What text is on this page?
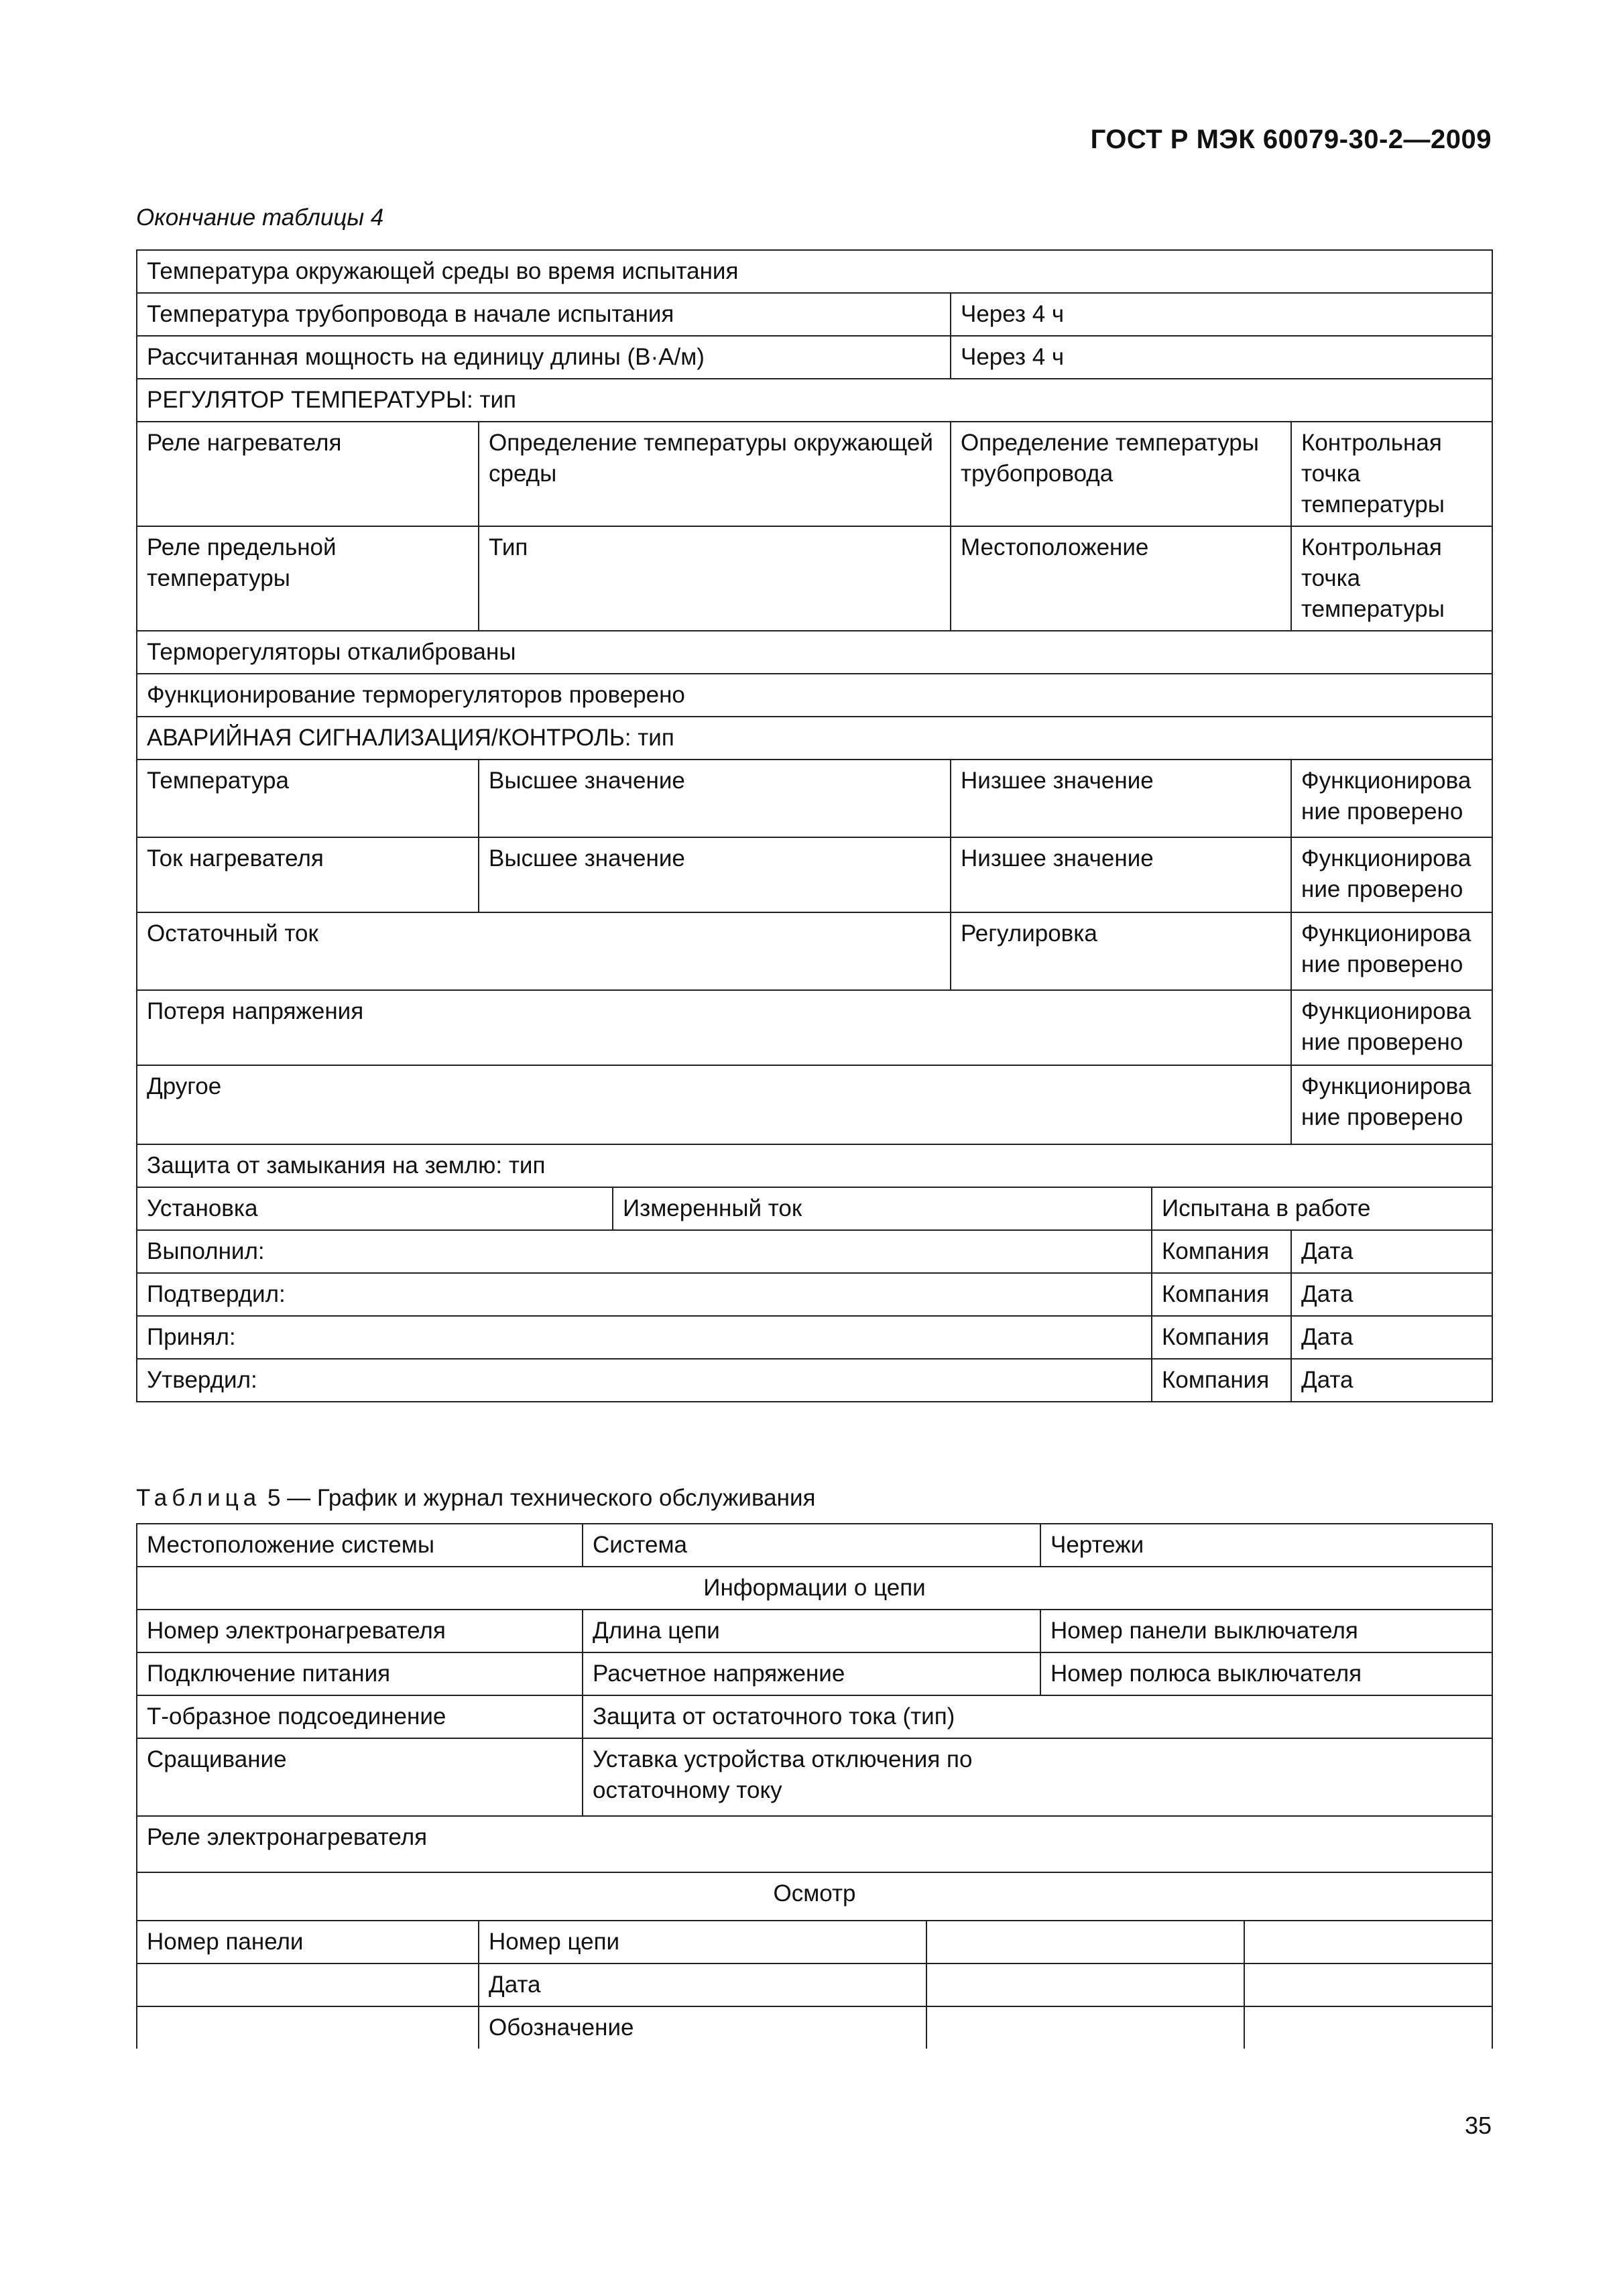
ГОСТ Р МЭК 60079-30-2—2009
Окончание таблицы 4
Температура окружающей среды во время испытания					
Температура трубопровода в начале испытания			Через 4 ч		
Рассчитанная мощность на единицу длины (В·А/м)			Через 4 ч		
РЕГУЛЯТОР ТЕМПЕРАТУРЫ: тип					
Реле нагревателя	Определение температуры окружающей среды		Определение температуры трубопровода		Контрольная точка температуры
Реле предельной температуры	Тип		Местоположение		Контрольная точка температуры
Терморегуляторы откалиброваны					
Функционирование терморегуляторов проверено					
АВАРИЙНАЯ СИГНАЛИЗАЦИЯ/КОНТРОЛЬ: тип					
Температура	Высшее значение		Низшее значение		Функционирование проверено
Ток нагревателя	Высшее значение		Низшее значение		Функционирование проверено
Остаточный ток			Регулировка		Функционирование проверено
Потеря напряжения					Функционирование проверено
Другое					Функционирование проверено
Защита от замыкания на землю: тип					
Установка		Измеренный ток		Испытана в работе	
Выполнил:				Компания	Дата
Подтвердил:				Компания	Дата
Принял:				Компания	Дата
Утвердил:				Компания	Дата
Таблица 5 — График и журнал технического обслуживания
Местоположение системы		Система		Чертежи
Информации о цепи				
Номер электронагревателя		Длина цепи		Номер панели выключателя
Подключение питания		Расчетное напряжение		Номер полюса выключателя
Т-образное подсоединение		Защита от остаточного тока (тип)		
Сращивание		Уставка устройства отключения по остаточному току		

Реле электронагревателя				
Осмотр				
Номер панели	Номер цепи			

	Дата			

	Обозначение			
35
